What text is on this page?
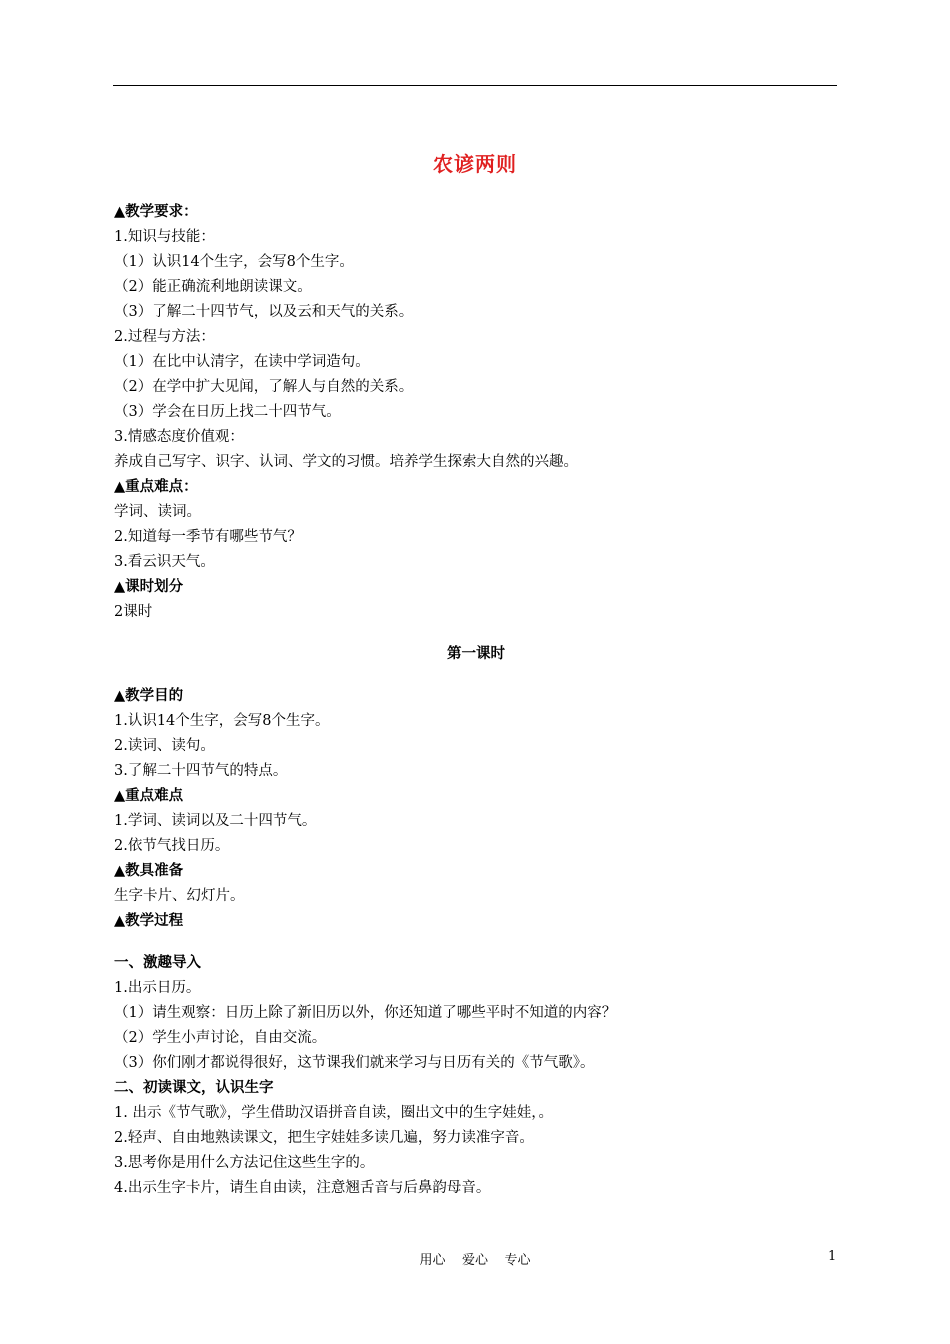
农谚两则
▲教学要求：
1.知识与技能：
（1）认识14个生字，会写8个生字。
（2）能正确流利地朗读课文。
（3）了解二十四节气，以及云和天气的关系。
2.过程与方法：
（1）在比中认清字，在读中学词造句。
（2）在学中扩大见闻，了解人与自然的关系。
（3）学会在日历上找二十四节气。
3.情感态度价值观：
养成自己写字、识字、认词、学文的习惯。培养学生探索大自然的兴趣。
▲重点难点：
学词、读词。
2.知道每一季节有哪些节气？
3.看云识天气。
▲课时划分
2课时
第一课时
▲教学目的
1.认识14个生字，会写8个生字。
2.读词、读句。
3.了解二十四节气的特点。
▲重点难点
1.学词、读词以及二十四节气。
2.依节气找日历。
▲教具准备
生字卡片、幻灯片。
▲教学过程
一、激趣导入
1.出示日历。
（1）请生观察：日历上除了新旧历以外，你还知道了哪些平时不知道的内容？
（2）学生小声讨论，自由交流。
（3）你们刚才都说得很好，这节课我们就来学习与日历有关的《节气歌》。
二、初读课文，认识生字
1. 出示《节气歌》，学生借助汉语拼音自读，圈出文中的生字娃娃，。
2.轻声、自由地熟读课文，把生字娃娃多读几遍，努力读准字音。
3.思考你是用什么方法记住这些生字的。
4.出示生字卡片，请生自由读，注意翘舌音与后鼻韵母音。
用心    爱心    专心	1
